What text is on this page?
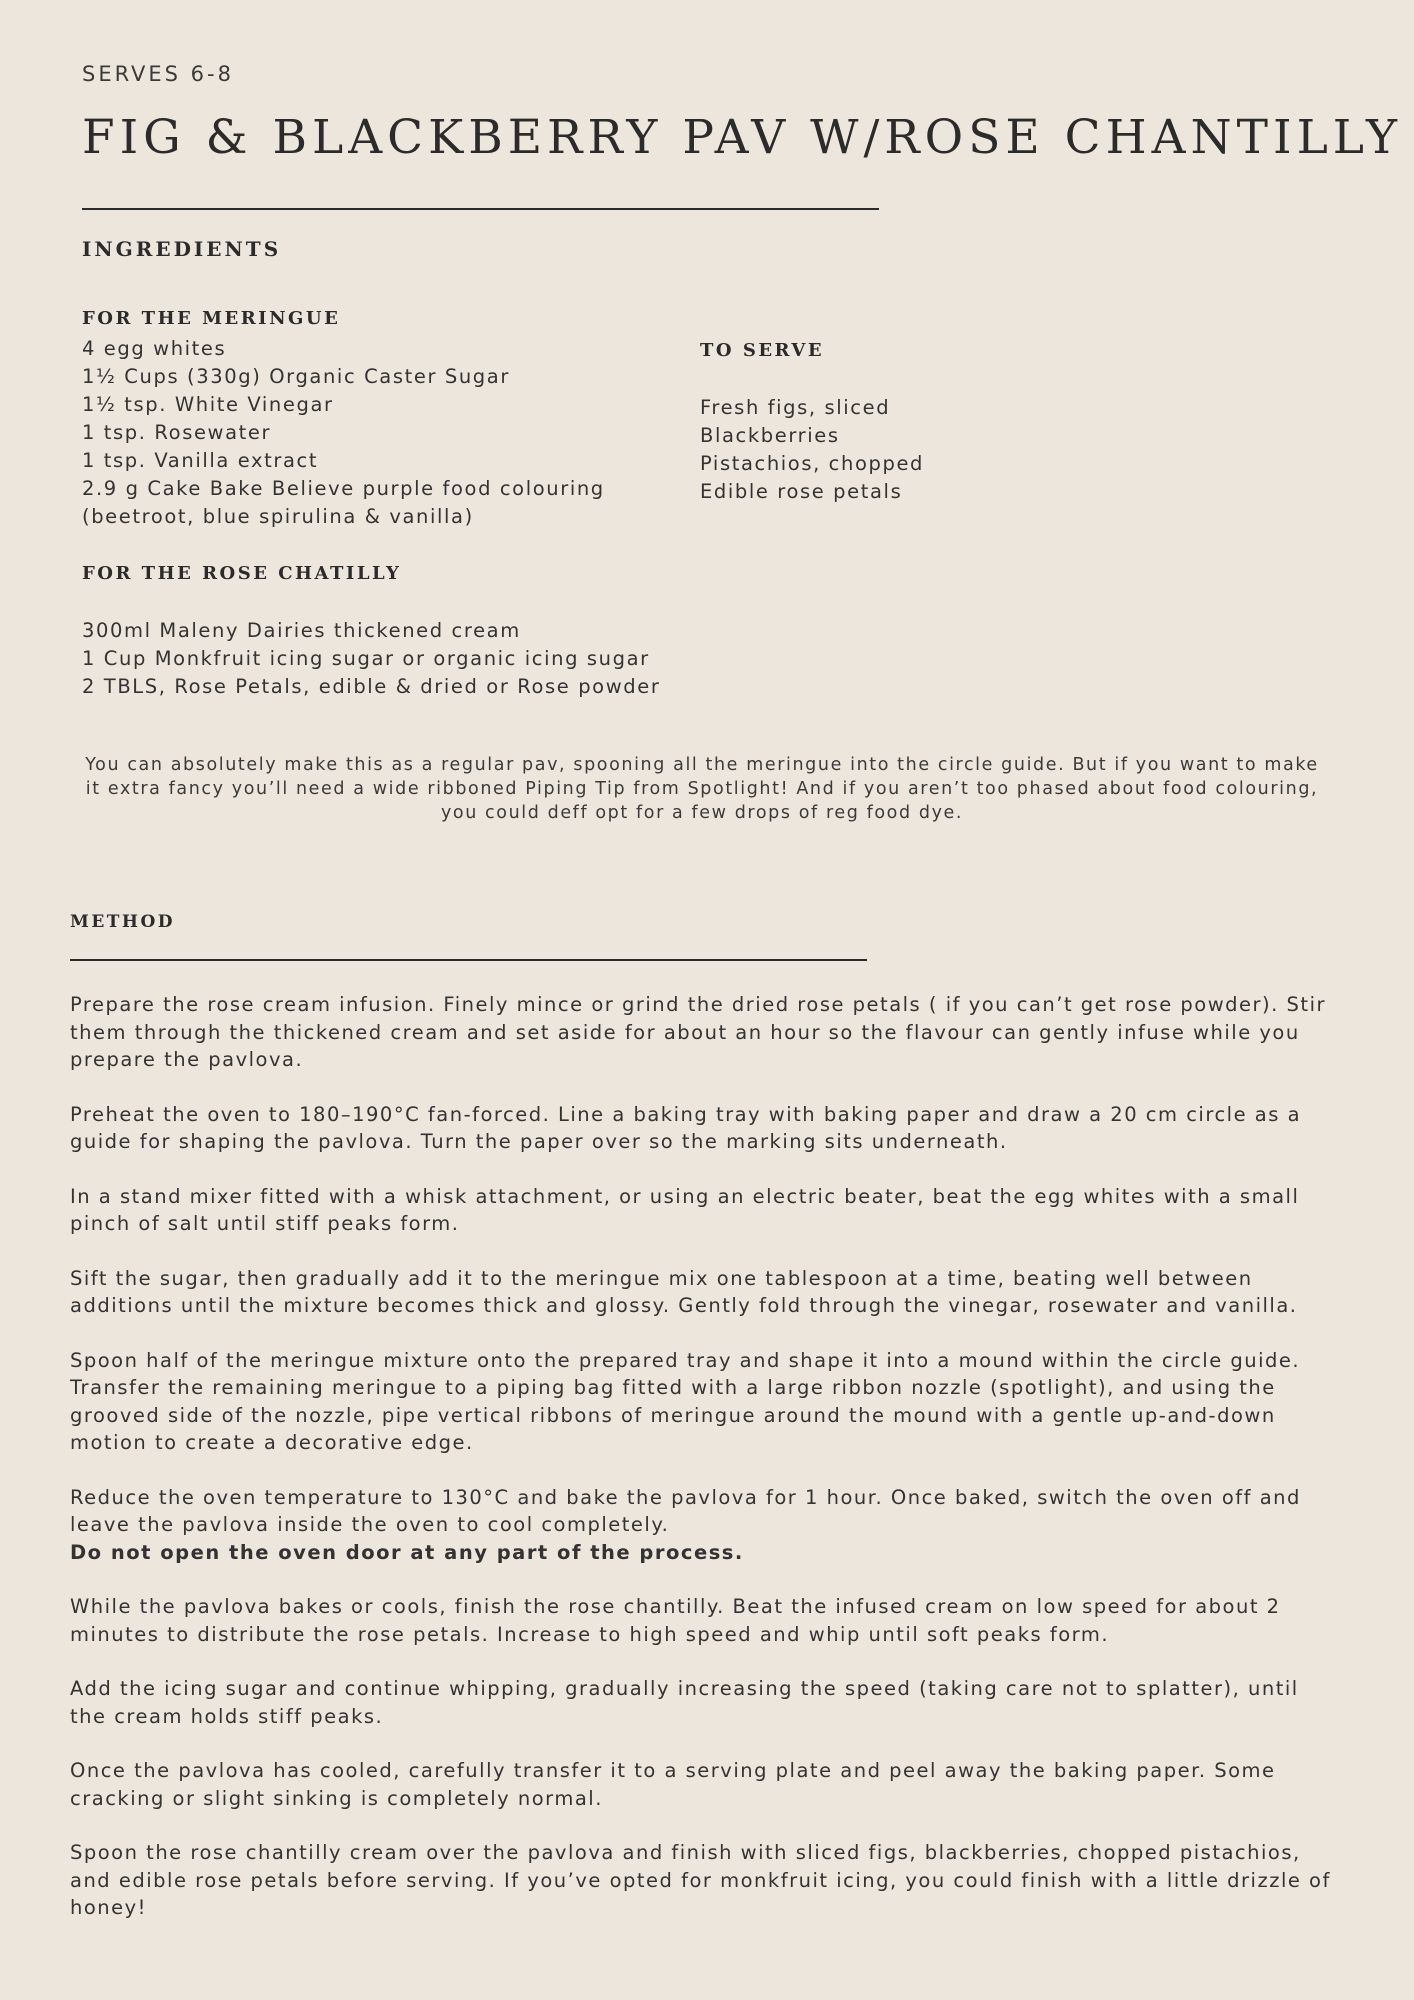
SERVES 6-8
FIG & BLACKBERRY PAV W/ROSE CHANTILLY
INGREDIENTS
FOR THE MERINGUE
4 egg whites
1½ Cups (330g) Organic Caster Sugar
1½ tsp. White Vinegar
1 tsp. Rosewater
1 tsp. Vanilla extract
2.9 g Cake Bake Believe purple food colouring
(beetroot, blue spirulina & vanilla)
TO SERVE
Fresh figs, sliced
Blackberries
Pistachios, chopped
Edible rose petals
FOR THE ROSE CHATILLY
300ml Maleny Dairies thickened cream
1 Cup Monkfruit icing sugar or organic icing sugar
2 TBLS, Rose Petals, edible & dried or Rose powder

You can absolutely make this as a regular pav, spooning all the meringue into the circle guide. But if you want to make it extra fancy you’ll need a wide ribboned Piping Tip from Spotlight! And if you aren’t too phased about food colouring, you could deff opt for a few drops of reg food dye.

METHOD

Prepare the rose cream infusion. Finely mince or grind the dried rose petals ( if you can’t get rose powder). Stir them through the thickened cream and set aside for about an hour so the flavour can gently infuse while you prepare the pavlova.

Preheat the oven to 180–190°C fan-forced. Line a baking tray with baking paper and draw a 20 cm circle as a guide for shaping the pavlova. Turn the paper over so the marking sits underneath.

In a stand mixer fitted with a whisk attachment, or using an electric beater, beat the egg whites with a small pinch of salt until stiff peaks form.

Sift the sugar, then gradually add it to the meringue mix one tablespoon at a time, beating well between additions until the mixture becomes thick and glossy. Gently fold through the vinegar, rosewater and vanilla.

Spoon half of the meringue mixture onto the prepared tray and shape it into a mound within the circle guide. Transfer the remaining meringue to a piping bag fitted with a large ribbon nozzle (spotlight), and using the grooved side of the nozzle, pipe vertical ribbons of meringue around the mound with a gentle up-and-down motion to create a decorative edge.

Reduce the oven temperature to 130°C and bake the pavlova for 1 hour. Once baked, switch the oven off and leave the pavlova inside the oven to cool completely.
Do not open the oven door at any part of the process.

While the pavlova bakes or cools, finish the rose chantilly. Beat the infused cream on low speed for about 2 minutes to distribute the rose petals. Increase to high speed and whip until soft peaks form.

Add the icing sugar and continue whipping, gradually increasing the speed (taking care not to splatter), until the cream holds stiff peaks.

Once the pavlova has cooled, carefully transfer it to a serving plate and peel away the baking paper. Some cracking or slight sinking is completely normal.

Spoon the rose chantilly cream over the pavlova and finish with sliced figs, blackberries, chopped pistachios, and edible rose petals before serving. If you’ve opted for monkfruit icing, you could finish with a little drizzle of honey!
